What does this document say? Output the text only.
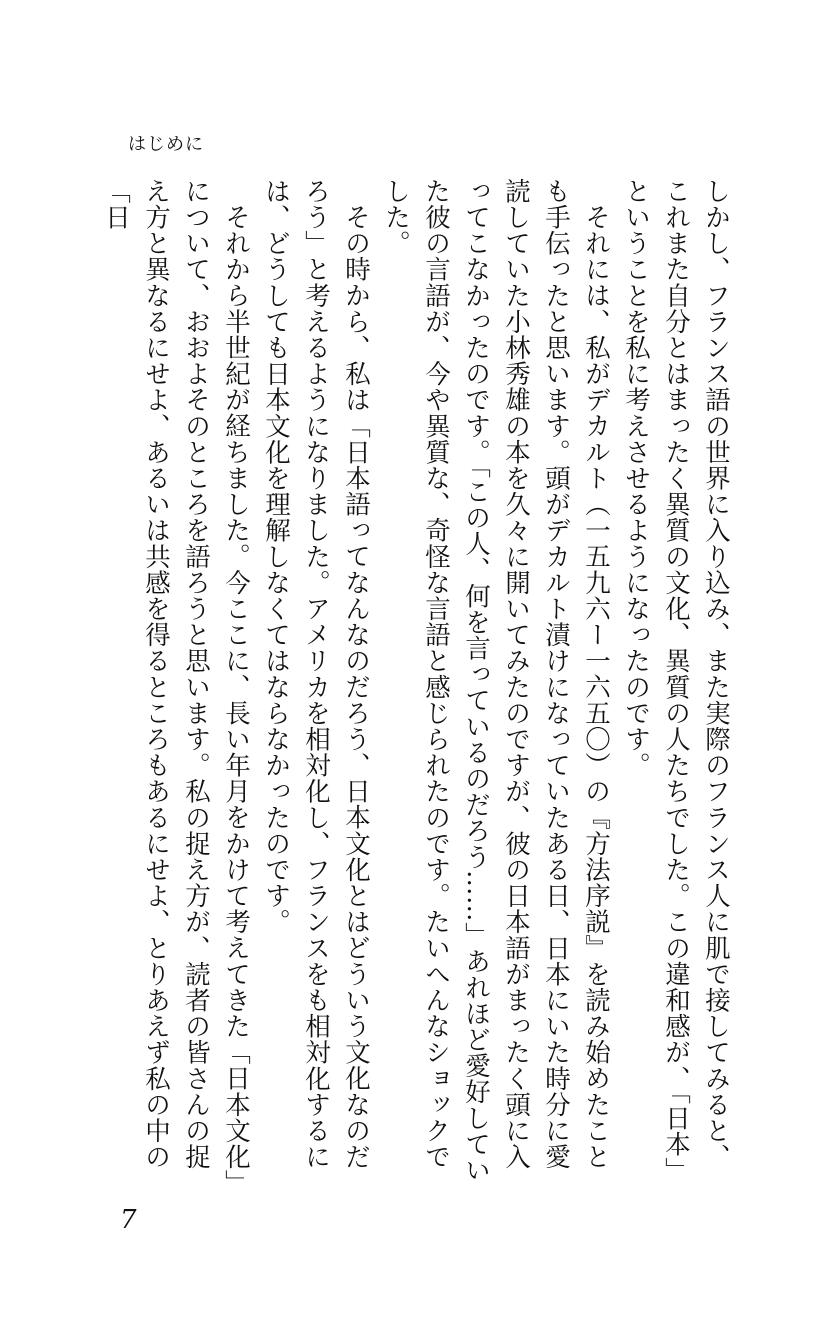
はじめに

しかし、フランス語の世界に入り込み、また実際のフランス人に肌で接してみると、これまた自分とはまったく異質の文化、異質の人たちでした。この違和感が、「日本」ということを私に考えさせるようになったのです。

それには、私がデカルト（一五九六ー一六五〇）の『方法序説』を読み始めたことも手伝ったと思います。頭がデカルト漬けになっていたある日、日本にいた時分に愛読していた小林秀雄の本を久々に開いてみたのですが、彼の日本語がまったく頭に入ってこなかったのです。「この人、何を言っているのだろう……」あれほど愛好していた彼の言語が、今や異質な、奇怪な言語と感じられたのです。たいへんなショックでした。

その時から、私は「日本語ってなんなのだろう、日本文化とはどういう文化なのだろう」と考えるようになりました。アメリカを相対化し、フランスをも相対化するには、どうしても日本文化を理解しなくてはならなかったのです。

それから半世紀が経ちました。今ここに、長い年月をかけて考えてきた「日本文化」について、おおよそのところを語ろうと思います。私の捉え方が、読者の皆さんの捉え方と異なるにせよ、あるいは共感を得るところもあるにせよ、とりあえず私の中の「日

7
